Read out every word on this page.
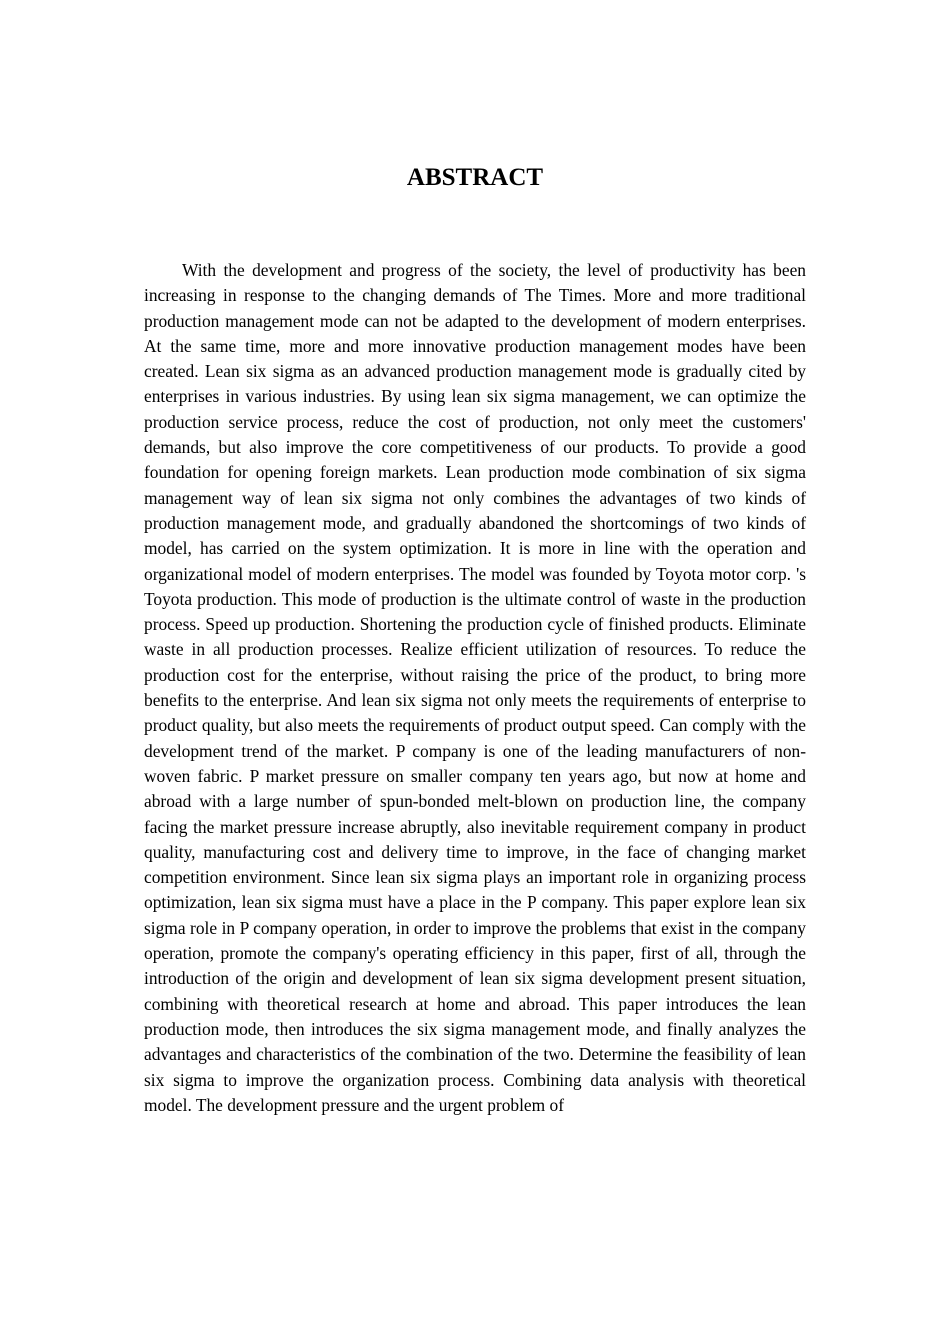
ABSTRACT

With the development and progress of the society, the level of productivity has been increasing in response to the changing demands of The Times. More and more traditional production management mode can not be adapted to the development of modern enterprises. At the same time, more and more innovative production management modes have been created. Lean six sigma as an advanced production management mode is gradually cited by enterprises in various industries. By using lean six sigma management, we can optimize the production service process, reduce the cost of production, not only meet the customers' demands, but also improve the core competitiveness of our products. To provide a good foundation for opening foreign markets. Lean production mode combination of six sigma management way of lean six sigma not only combines the advantages of two kinds of production management mode, and gradually abandoned the shortcomings of two kinds of model, has carried on the system optimization. It is more in line with the operation and organizational model of modern enterprises. The model was founded by Toyota motor corp. 's Toyota production. This mode of production is the ultimate control of waste in the production process. Speed up production. Shortening the production cycle of finished products. Eliminate waste in all production processes. Realize efficient utilization of resources. To reduce the production cost for the enterprise, without raising the price of the product, to bring more benefits to the enterprise. And lean six sigma not only meets the requirements of enterprise to product quality, but also meets the requirements of product output speed. Can comply with the development trend of the market. P company is one of the leading manufacturers of non-woven fabric. P market pressure on smaller company ten years ago, but now at home and abroad with a large number of spun-bonded melt-blown on production line, the company facing the market pressure increase abruptly, also inevitable requirement company in product quality, manufacturing cost and delivery time to improve, in the face of changing market competition environment. Since lean six sigma plays an important role in organizing process optimization, lean six sigma must have a place in the P company. This paper explore lean six sigma role in P company operation, in order to improve the problems that exist in the company operation, promote the company's operating efficiency in this paper, first of all, through the introduction of the origin and development of lean six sigma development present situation, combining with theoretical research at home and abroad. This paper introduces the lean production mode, then introduces the six sigma management mode, and finally analyzes the advantages and characteristics of the combination of the two. Determine the feasibility of lean six sigma to improve the organization process. Combining data analysis with theoretical model. The development pressure and the urgent problem of
